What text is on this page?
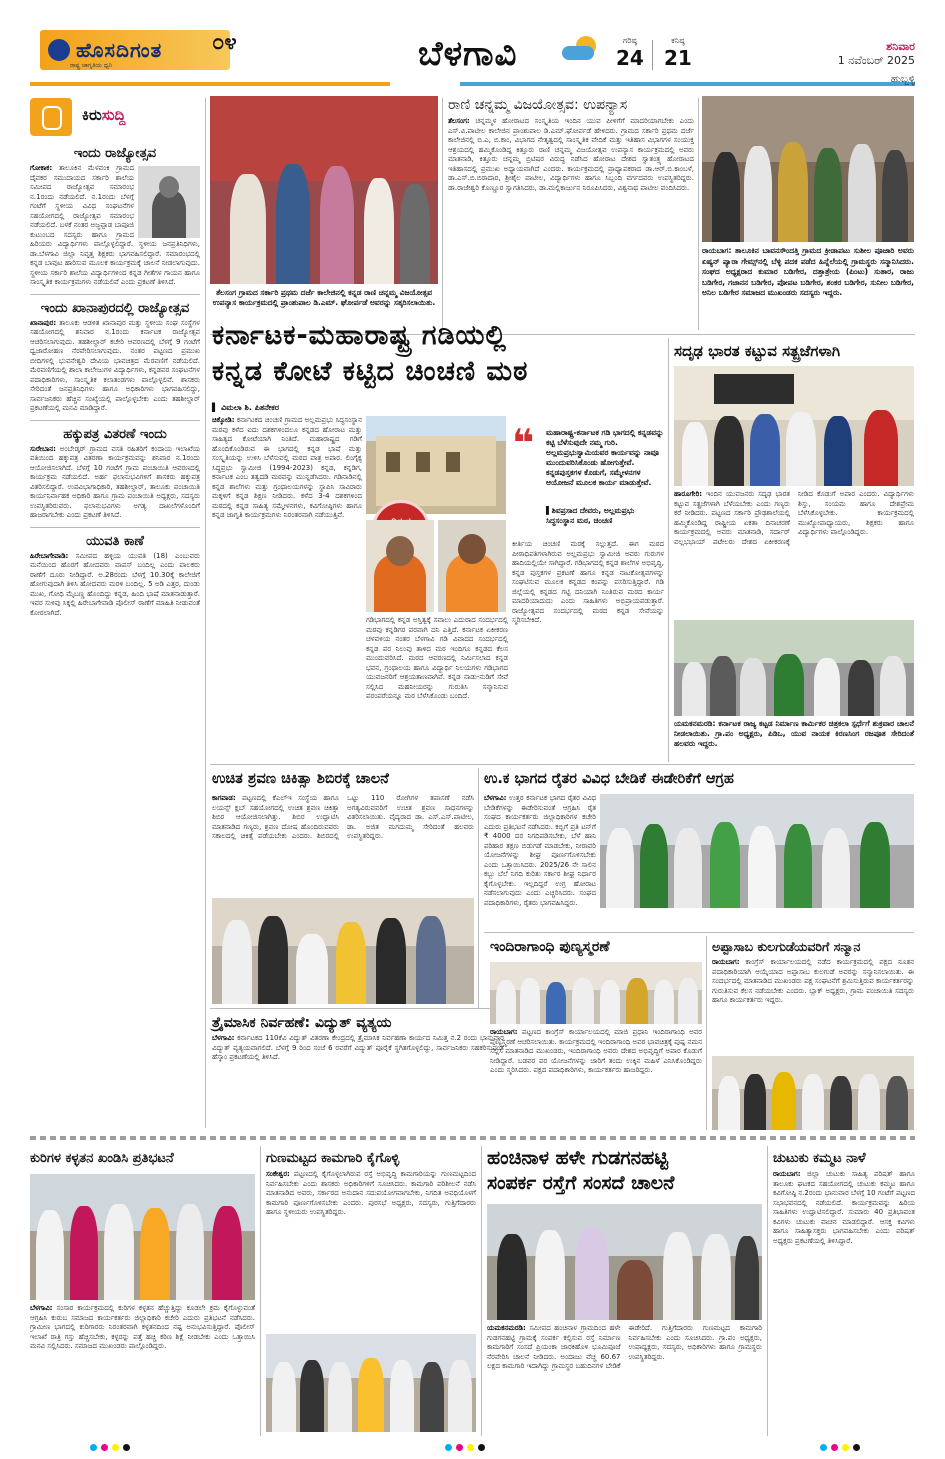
ಹೊಸದಿಗಂತ
ರಾಷ್ಟ್ರ ಜಾಗೃತಿಯ ಧ್ವನಿ
೦೪	ಬೆಳಗಾವಿ	ಗರಿಷ್ಠ
24
ಕನಿಷ್ಠ
21	ಶನಿವಾರ
1 ನವೆಂಬರ್ 2025
ಹುಬ್ಬಳ್ಳಿ
ಕಿರುಸುದ್ದಿ
ಇಂದು ರಾಜ್ಯೋತ್ಸವ

ಗೋಕಾಕ: ತಾಲೂಕಿನ ಮೆಳವಂಕಿ ಗ್ರಾಮದ ದೈವಕರ ಸಮುದಾಯದ ಸರ್ಕಾರಿ ಶಾಲೆಯ ಸಮೀಪದ ರಾಜ್ಯೋತ್ಸವ ಸಮಾರಂಭ ನ.1ರಂದು ನಡೆಯಲಿದೆ. ನ.1ರಂದು ಬೆಳಗ್ಗೆ ಗಂಟೆಗೆ ಸ್ಥಳೀಯ ವಿವಿಧ ಸಂಘಟನೆಗಳ ಸಹಯೋಗದಲ್ಲಿ ರಾಜ್ಯೋತ್ಸವ ಸಮಾರಂಭ ನಡೆಯಲಿದೆ. ಬಳಕೆ ನಂತರ ಅಜ್ಜಪ್ಪಾಡ ಬಾಪೂಜಿ ಕುಟುಂಬದ ಸದಸ್ಯರು ಹಾಗೂ ಗ್ರಾಮದ ಹಿರಿಯರು ವಿದ್ಯಾರ್ಥಿಗಳು ಪಾಲ್ಗೊಳ್ಳಲಿದ್ದಾರೆ. ಸ್ಥಳೀಯ ಜನಪ್ರತಿನಿಧಿಗಳು, ಡಾ.ಬೆಳಗಾವಿ ಜಿಲ್ಲಾ ನಿವೃತ್ತ ಶಿಕ್ಷಕರು ಭಾಗವಹಿಸಲಿದ್ದಾರೆ. ಸಮಾರಂಭದಲ್ಲಿ ಕನ್ನಡ ಬಾವುಟ ಹಾರಿಸುವ ಮೂಲಕ ಕಾರ್ಯಕ್ರಮಕ್ಕೆ ಚಾಲನೆ ನೀಡಲಾಗುವುದು. ಸ್ಥಳೀಯ ಸರ್ಕಾರಿ ಶಾಲೆಯ ವಿದ್ಯಾರ್ಥಿಗಳಿಂದ ಕನ್ನಡ ಗೀತೆಗಳ ಗಾಯನ ಹಾಗೂ ಸಾಂಸ್ಕೃತಿಕ ಕಾರ್ಯಕ್ರಮಗಳು ನಡೆಯಲಿವೆ ಎಂದು ಪ್ರಕಟಣೆ ತಿಳಿಸಿದೆ.

ಇಂದು ಖಾನಾಪುರದಲ್ಲಿ ರಾಜ್ಯೋತ್ಸವ

ಖಾನಾಪುರ: ತಾಲೂಕು ಆಡಳಿತ ಖಾನಾಪುರ ಮತ್ತು ಸ್ಥಳೀಯ ಸಂಘ ಸಂಸ್ಥೆಗಳ ಸಹಯೋಗದಲ್ಲಿ ಶನಿವಾರ ನ.1ರಂದು ಕರ್ನಾಟಕ ರಾಜ್ಯೋತ್ಸವ ಆಚರಿಸಲಾಗುವುದು. ತಹಶೀಲ್ದಾರ್ ಕಚೇರಿ ಆವರಣದಲ್ಲಿ ಬೆಳಗ್ಗೆ 9 ಗಂಟೆಗೆ ಧ್ವಜಾರೋಹಣ ನೆರವೇರಿಸಲಾಗುವುದು. ನಂತರ ಪಟ್ಟಣದ ಪ್ರಮುಖ ಬೀದಿಗಳಲ್ಲಿ ಭುವನೇಶ್ವರಿ ದೇವಿಯ ಭಾವಚಿತ್ರದ ಮೆರವಣಿಗೆ ನಡೆಯಲಿದೆ. ಮೆರವಣಿಗೆಯಲ್ಲಿ ಶಾಲಾ ಕಾಲೇಜುಗಳ ವಿದ್ಯಾರ್ಥಿಗಳು, ಕನ್ನಡಪರ ಸಂಘಟನೆಗಳ ಪದಾಧಿಕಾರಿಗಳು, ಸಾಂಸ್ಕೃತಿಕ ಕಲಾತಂಡಗಳು ಪಾಲ್ಗೊಳ್ಳಲಿವೆ. ಶಾಸಕರು ಸೇರಿದಂತೆ ಜನಪ್ರತಿನಿಧಿಗಳು ಹಾಗೂ ಅಧಿಕಾರಿಗಳು ಭಾಗವಹಿಸಲಿದ್ದು, ಸಾರ್ವಜನಿಕರು ಹೆಚ್ಚಿನ ಸಂಖ್ಯೆಯಲ್ಲಿ ಪಾಲ್ಗೊಳ್ಳಬೇಕು ಎಂದು ತಹಶೀಲ್ದಾರ್ ಪ್ರಕಟಣೆಯಲ್ಲಿ ಮನವಿ ಮಾಡಿದ್ದಾರೆ.

ಹಕ್ಕುಪತ್ರ ವಿತರಣೆ ಇಂದು

ಸುರೇಬಾನ: ಅಂಬೇಡ್ಕರ್ ಗ್ರಾಮದ ವಸತಿ ರಹಿತರಿಗೆ ಕಂದಾಯ ಇಲಾಖೆಯ ವತಿಯಿಂದ ಹಕ್ಕುಪತ್ರ ವಿತರಣಾ ಕಾರ್ಯಕ್ರಮವನ್ನು ಶನಿವಾರ ನ.1ರಂದು ಆಯೋಜಿಸಲಾಗಿದೆ. ಬೆಳಗ್ಗೆ 10 ಗಂಟೆಗೆ ಗ್ರಾಮ ಪಂಚಾಯಿತಿ ಆವರಣದಲ್ಲಿ ಕಾರ್ಯಕ್ರಮ ನಡೆಯಲಿದೆ. ಅರ್ಹ ಫಲಾನುಭವಿಗಳಿಗೆ ಶಾಸಕರು ಹಕ್ಕುಪತ್ರ ವಿತರಿಸಲಿದ್ದಾರೆ. ಉಪವಿಭಾಗಾಧಿಕಾರಿ, ತಹಶೀಲ್ದಾರ್, ತಾಲೂಕು ಪಂಚಾಯಿತಿ ಕಾರ್ಯನಿರ್ವಾಹಕ ಅಧಿಕಾರಿ ಹಾಗೂ ಗ್ರಾಮ ಪಂಚಾಯಿತಿ ಅಧ್ಯಕ್ಷರು, ಸದಸ್ಯರು ಉಪಸ್ಥಿತರಿರುವರು. ಫಲಾನುಭವಿಗಳು ಅಗತ್ಯ ದಾಖಲೆಗಳೊಂದಿಗೆ ಹಾಜರಾಗಬೇಕು ಎಂದು ಪ್ರಕಟಣೆ ತಿಳಿಸಿದೆ.

ಯುವತಿ ಕಾಣೆ

ಹಿರೇಬಾಗೇವಾಡಿ: ಸಮೀಪದ ಹಳ್ಳಿಯ ಯುವತಿ (18) ಎಂಬುವರು ಮನೆಯಿಂದ ಹೊರಗೆ ಹೋದವರು ವಾಪಸ್ ಬಂದಿಲ್ಲ ಎಂದು ಪಾಲಕರು ಠಾಣೆಗೆ ದೂರು ನೀಡಿದ್ದಾರೆ. ಅ.28ರಂದು ಬೆಳಗ್ಗೆ 10.30ಕ್ಕೆ ಕಾಲೇಜಿಗೆ ಹೋಗುವುದಾಗಿ ತಿಳಿಸಿ ಹೋದವರು ಮರಳಿ ಬಂದಿಲ್ಲ. 5 ಅಡಿ ಎತ್ತರ, ದುಂಡು ಮುಖ, ಗೋಧಿ ಮೈಬಣ್ಣ ಹೊಂದಿದ್ದು ಕನ್ನಡ, ಹಿಂದಿ ಭಾಷೆ ಮಾತನಾಡುತ್ತಾರೆ. ಇವರ ಸುಳಿವು ಸಿಕ್ಕಲ್ಲಿ ಹಿರೇಬಾಗೇವಾಡಿ ಪೊಲೀಸ್ ಠಾಣೆಗೆ ಮಾಹಿತಿ ನೀಡುವಂತೆ ಕೋರಲಾಗಿದೆ.

ತೆಲಸಂಗ ಗ್ರಾಮದ ಸರ್ಕಾರಿ ಪ್ರಥಮ ದರ್ಜೆ ಕಾಲೇಜಿನಲ್ಲಿ ಕನ್ನಡ ರಾಣಿ ಚನ್ನಮ್ಮ ವಿಜಯೋತ್ಸವ ಉಪನ್ಯಾಸ ಕಾರ್ಯಕ್ರಮದಲ್ಲಿ ಪ್ರಾಂಶುಪಾಲ ಡಿ.ಎಮ್. ಘೋರ್ಪಡೆ ಅವರನ್ನು ಸತ್ಕರಿಸಲಾಯಿತು.
ರಾಣಿ ಚನ್ನಮ್ಮ ವಿಜಯೋತ್ಸವ: ಉಪನ್ಯಾಸ

ತೆಲಸಂಗ: ಚನ್ನಮ್ಮಳ ಹೋರಾಟದ ಸಂಸ್ಕೃತಿಯ ಇಂದಿನ ಯುವ ಪೀಳಿಗೆಗೆ ಮಾದರಿಯಾಗಬೇಕು ಎಂದು ಎಸ್.ವಿ.ಪಾಟೀಲ ಕಾಲೇಜಿನ ಪ್ರಾಂಶುಪಾಲ ಡಿ.ಎಮ್.ಘೋರ್ಪಡೆ ಹೇಳಿದರು. ಗ್ರಾಮದ ಸರ್ಕಾರಿ ಪ್ರಥಮ ದರ್ಜೆ ಕಾಲೇಜಿನಲ್ಲಿ ಬಿ.ಎ, ಬಿ.ಕಾಂ, ವಿಭಾಗದ ನೇತೃತ್ವದಲ್ಲಿ ಸಾಂಸ್ಕೃತಿಕ ವೇದಿಕೆ ಮತ್ತು ಇತಿಹಾಸ ವಿಭಾಗಗಳ ಸಂಯುಕ್ತ ಆಶ್ರಯದಲ್ಲಿ ಹಮ್ಮಿಕೊಂಡಿದ್ದ ಕಿತ್ತೂರು ರಾಣಿ ಚನ್ನಮ್ಮ ವಿಜಯೋತ್ಸವ ಉಪನ್ಯಾಸ ಕಾರ್ಯಕ್ರಮದಲ್ಲಿ ಅವರು ಮಾತನಾಡಿ, ಕಿತ್ತೂರು ಚನ್ನಮ್ಮ ಬ್ರಿಟಿಷರ ವಿರುದ್ಧ ನಡೆಸಿದ ಹೋರಾಟ ದೇಶದ ಸ್ವಾತಂತ್ರ್ಯ ಹೋರಾಟದ ಇತಿಹಾಸದಲ್ಲಿ ಪ್ರಮುಖ ಅಧ್ಯಾಯವಾಗಿದೆ ಎಂದರು. ಕಾರ್ಯಕ್ರಮದಲ್ಲಿ ಪ್ರಾಧ್ಯಾಪಕರಾದ ಡಾ.ಆರ್.ಬಿ.ಕಾಂಬಳೆ, ಡಾ.ಎಸ್.ಬಿ.ಬಿರಾದಾರ, ಶ್ರೀಶೈಲ ಪಾಟೀಲ, ವಿದ್ಯಾರ್ಥಿಗಳು ಹಾಗೂ ಸಿಬ್ಬಂದಿ ವರ್ಗದವರು ಉಪಸ್ಥಿತರಿದ್ದರು. ಡಾ.ರಾಜೇಶ್ವರಿ ಕೊಣ್ಣೂರ ಸ್ವಾಗತಿಸಿದರು, ಡಾ.ಮಲ್ಲಿಕಾರ್ಜುನ ನಿರೂಪಿಸಿದರು, ವಿಶ್ವನಾಥ ಪಾಟೀಲ ವಂದಿಸಿದರು.

ರಾಯಬಾಗ: ತಾಲೂಕಿನ ಬಾವನಸೌಂದತ್ತಿ ಗ್ರಾಮದ ಕ್ರೀಡಾಪಟು ಸುಶೀಲ ಪೂಜಾರಿ ಅವರು ಏಷ್ಯನ್ ಪ್ಯಾರಾ ಗೇಮ್ಸ್‌ನಲ್ಲಿ ಬೆಳ್ಳಿ ಪದಕ ಪಡೆದ ಹಿನ್ನೆಲೆಯಲ್ಲಿ ಗ್ರಾಮಸ್ಥರು ಸನ್ಮಾನಿಸಿದರು. ಸಂಘದ ಅಧ್ಯಕ್ಷರಾದ ಕುಮಾರ ಬಡಿಗೇರ, ದತ್ತಾತ್ರೇಯ (ಪಿಂಟು) ಸುತಾರ, ರಾಜು ಬಡಿಗೇರ, ಗಜಾನನ ಬಡಿಗೇರ, ಪೋಪಟ ಬಡಿಗೇರ, ಶಂಕರ ಬಡಿಗೇರ, ಸುನೀಲ ಬಡಿಗೇರ, ಅನಿಲ ಬಡಿಗೇರ ಸಮಾಜದ ಮುಖಂಡರು ಸದಸ್ಯರು ಇದ್ದರು.
ಕರ್ನಾಟಕ-ಮಹಾರಾಷ್ಟ್ರ ಗಡಿಯಲ್ಲಿ
ಕನ್ನಡ ಕೋಟೆ ಕಟ್ಟಿದ ಚಿಂಚಣಿ ಮಠ
▌ ವಿಮಲಾ ಶಿ. ಪಿತನೇಕರ

ಚಿಕ್ಕೋಡಿ: ಕರ್ನಾಟಕದ ಚಿಂಚಣಿ ಗ್ರಾಮದ ಅಲ್ಲಮಪ್ರಭು ಸಿದ್ಧಸಂಸ್ಥಾನ ಮಠವು ಕಳೆದ ಐದು ದಶಕಗಳಿಂದಲೂ ಕನ್ನಡದ ಹೋರಾಟ ಮತ್ತು ಸಾಹಿತ್ಯದ ಕೋಟೆಯಾಗಿ ನಿಂತಿದೆ. ಮಹಾರಾಷ್ಟ್ರದ ಗಡಿಗೆ ಹೊಂದಿಕೊಂಡಿರುವ ಈ ಭಾಗದಲ್ಲಿ ಕನ್ನಡ ಭಾಷೆ ಮತ್ತು ಸಂಸ್ಕೃತಿಯನ್ನು ಉಳಿಸಿ ಬೆಳೆಸುವಲ್ಲಿ ಮಠದ ಪಾತ್ರ ಅಪಾರ. ಲಿಂಗೈಕ್ಯ ಸಿದ್ಧಪ್ರಭು ಸ್ವಾಮೀಜಿ (1994-2023) ಕನ್ನಡ, ಕನ್ನಡಿಗ, ಕರ್ನಾಟಕ ಎಂಬ ತತ್ವದಡಿ ಮಠವನ್ನು ಮುನ್ನಡೆಸಿದರು. ಗಡಿನಾಡಿನಲ್ಲಿ ಕನ್ನಡ ಶಾಲೆಗಳು ಮತ್ತು ಗ್ರಂಥಾಲಯಗಳನ್ನು ಸ್ಥಾಪಿಸಿ ಸಾವಿರಾರು ಮಕ್ಕಳಿಗೆ ಕನ್ನಡ ಶಿಕ್ಷಣ ನೀಡಿದರು. ಕಳೆದ 3-4 ದಶಕಗಳಿಂದ ಮಠದಲ್ಲಿ ಕನ್ನಡ ಸಾಹಿತ್ಯ ಸಮ್ಮೇಳನಗಳು, ಕವಿಗೋಷ್ಠಿಗಳು ಹಾಗೂ ಕನ್ನಡ ಜಾಗೃತಿ ಕಾರ್ಯಕ್ರಮಗಳು ನಿರಂತರವಾಗಿ ನಡೆಯುತ್ತಿವೆ.

ಗಡಿಭಾಗದಲ್ಲಿ ಕನ್ನಡ ಅಸ್ತಿತ್ವಕ್ಕೆ ಸವಾಲು ಎದುರಾದ ಸಂದರ್ಭದಲ್ಲಿ ಮಠವು ಕನ್ನಡಿಗರ ಪರವಾಗಿ ದನಿ ಎತ್ತಿದೆ. ಕರ್ನಾಟಕ ಏಕೀಕರಣ ಚಳವಳಿಯ ನಂತರ ಬೆಳಗಾವಿ ಗಡಿ ವಿವಾದದ ಸಂದರ್ಭದಲ್ಲಿ ಕನ್ನಡ ಪರ ನಿಲುವು ತಾಳಿದ ಮಠ ಇಂದಿಗೂ ಕನ್ನಡದ ಕೆಲಸ ಮುಂದುವರಿಸಿದೆ. ಮಠದ ಆವರಣದಲ್ಲಿ ನಿರ್ಮಿಸಲಾದ ಕನ್ನಡ ಭವನ, ಗ್ರಂಥಾಲಯ ಹಾಗೂ ವಿದ್ಯಾರ್ಥಿ ನಿಲಯಗಳು ಗಡಿಭಾಗದ ಯುವಜನರಿಗೆ ಆಶ್ರಯತಾಣವಾಗಿವೆ. ಕನ್ನಡ ನಾಡು-ನುಡಿಗೆ ಸೇವೆ ಸಲ್ಲಿಸಿದ ಮಹನೀಯರನ್ನು ಗುರುತಿಸಿ ಸನ್ಮಾನಿಸುವ ಪರಂಪರೆಯನ್ನೂ ಮಠ ಬೆಳೆಸಿಕೊಂಡು ಬಂದಿದೆ.

❝	ಮಹಾರಾಷ್ಟ್ರ-ಕರ್ನಾಟಕ ಗಡಿ ಭಾಗದಲ್ಲಿ ಕನ್ನಡವನ್ನು ಕಟ್ಟಿ ಬೆಳೆಸುವುದೇ ನಮ್ಮ ಗುರಿ. ಅಲ್ಲಮಪ್ರಭುಸ್ವಾಮಿಯವರ ಕಾರ್ಯವನ್ನು ನಾವೂ ಮುಂದುವರಿಸಿಕೊಂಡು ಹೋಗುತ್ತೇವೆ. ಕನ್ನಡಪುಸ್ತಕಗಳ ಕೊಡುಗೆ, ಸಮ್ಮೇಳನಗಳ ಆಯೋಜನೆ ಮೂಲಕ ಕಾರ್ಯ ಮಾಡುತ್ತೇವೆ.
▌ಶಿವಪ್ರಸಾದ ದೇವರು, ಅಲ್ಲಮಪ್ರಭು ಸಿದ್ಧಸಂಸ್ಥಾನ ಮಠ, ಚಿಂಚಣಿ

ಕೀರ್ತಿಯ ಚಿಂಚಣಿ ಮಠಕ್ಕೆ ಸಲ್ಲುತ್ತದೆ. ಈಗ ಮಠದ ಪೀಠಾಧಿಪತಿಗಳಾಗಿರುವ ಅಲ್ಲಮಪ್ರಭು ಸ್ವಾಮೀಜಿ ಅವರು ಗುರುಗಳ ಹಾದಿಯಲ್ಲಿಯೇ ಸಾಗಿದ್ದಾರೆ. ಗಡಿಭಾಗದಲ್ಲಿ ಕನ್ನಡ ಶಾಲೆಗಳ ಅಭಿವೃದ್ಧಿ, ಕನ್ನಡ ಪುಸ್ತಕಗಳ ಪ್ರಕಟಣೆ ಹಾಗೂ ಕನ್ನಡ ನಾಟಕೋತ್ಸವಗಳನ್ನು ಸಂಘಟಿಸುವ ಮೂಲಕ ಕನ್ನಡದ ಕಂಪನ್ನು ಪಸರಿಸುತ್ತಿದ್ದಾರೆ. ಗಡಿ ಜಿಲ್ಲೆಯಲ್ಲಿ ಕನ್ನಡದ ಗಟ್ಟಿ ದನಿಯಾಗಿ ನಿಂತಿರುವ ಮಠದ ಕಾರ್ಯ ಮಾದರಿಯಾದುದು ಎಂದು ಸಾಹಿತಿಗಳು ಅಭಿಪ್ರಾಯಪಡುತ್ತಾರೆ. ರಾಜ್ಯೋತ್ಸವದ ಸಂದರ್ಭದಲ್ಲಿ ಮಠದ ಕನ್ನಡ ಸೇವೆಯನ್ನು ಸ್ಮರಿಸಬೇಕಿದೆ.

ಸದೃಢ ಭಾರತ ಕಟ್ಟುವ ಸತ್ಪ್ರಜೆಗಳಾಗಿ

ಹಾರೂಗೇರಿ: ಇಂದಿನ ಯುವಜನರು ಸದೃಢ ಭಾರತ ಕಟ್ಟುವ ಸತ್ಪ್ರಜೆಗಳಾಗಿ ಬೆಳೆಯಬೇಕು ಎಂದು ಗಣ್ಯರು ಕರೆ ನೀಡಿದರು. ಪಟ್ಟಣದ ಸರ್ಕಾರಿ ಪ್ರೌಢಶಾಲೆಯಲ್ಲಿ ಹಮ್ಮಿಕೊಂಡಿದ್ದ ರಾಷ್ಟ್ರೀಯ ಏಕತಾ ದಿನಾಚರಣೆ ಕಾರ್ಯಕ್ರಮದಲ್ಲಿ ಅವರು ಮಾತನಾಡಿ, ಸರ್ದಾರ್ ವಲ್ಲಭಭಾಯ್ ಪಟೇಲರು ದೇಶದ ಏಕೀಕರಣಕ್ಕೆ ನೀಡಿದ ಕೊಡುಗೆ ಅಪಾರ ಎಂದರು. ವಿದ್ಯಾರ್ಥಿಗಳು ಶಿಸ್ತು, ಸಂಯಮ ಹಾಗೂ ದೇಶಪ್ರೇಮ ಬೆಳೆಸಿಕೊಳ್ಳಬೇಕು. ಕಾರ್ಯಕ್ರಮದಲ್ಲಿ ಮುಖ್ಯೋಪಾಧ್ಯಾಯರು, ಶಿಕ್ಷಕರು ಹಾಗೂ ವಿದ್ಯಾರ್ಥಿಗಳು ಪಾಲ್ಗೊಂಡಿದ್ದರು.

ಯಮಕನಮರಡಿ: ಕರ್ನಾಟಕ ರಾಜ್ಯ ಕಟ್ಟಡ ನಿರ್ಮಾಣ ಕಾರ್ಮಿಕರ ಚಿತ್ರಕಲಾ ಸ್ಪರ್ಧೆಗೆ ಶುಕ್ರವಾರ ಚಾಲನೆ ನೀಡಲಾಯಿತು. ಗ್ರಾ.ಪಂ ಅಧ್ಯಕ್ಷರು, ಪಿಡಿಒ, ಯುವ ನಾಯಕ ಕಿರಣಸಿಂಗ ರಜಪೂತ ಸೇರಿದಂತೆ ಹಲವರು ಇದ್ದರು.
ಉಚಿತ ಶ್ರವಣ ಚಿಕಿತ್ಸಾ ಶಿಬಿರಕ್ಕೆ ಚಾಲನೆ

ಕಾಗವಾಡ: ಪಟ್ಟಣದಲ್ಲಿ ಕೆಎಲ್‌ಇ ಸಂಸ್ಥೆಯ ಹಾಗೂ ಲಯನ್ಸ್ ಕ್ಲಬ್ ಸಹಯೋಗದಲ್ಲಿ ಉಚಿತ ಶ್ರವಣ ಚಿಕಿತ್ಸಾ ಶಿಬಿರ ಆಯೋಜಿಸಲಾಗಿತ್ತು. ಶಿಬಿರ ಉದ್ಘಾಟಿಸಿ ಮಾತನಾಡಿದ ಗಣ್ಯರು, ಶ್ರವಣ ದೋಷ ಹೊಂದಿರುವವರು ಸಕಾಲದಲ್ಲಿ ಚಿಕಿತ್ಸೆ ಪಡೆಯಬೇಕು ಎಂದರು. ಶಿಬಿರದಲ್ಲಿ ಒಟ್ಟು 110 ರೋಗಿಗಳ ತಪಾಸಣೆ ನಡೆಸಿ ಅಗತ್ಯವಿರುವವರಿಗೆ ಉಚಿತ ಶ್ರವಣ ಸಾಧನಗಳನ್ನು ವಿತರಿಸಲಾಯಿತು. ವೈದ್ಯರಾದ ಡಾ. ಎಸ್.ಎಸ್.ಪಾಟೀಲ, ಡಾ. ಅಜಿತ ಮಗದುಮ್ಮ ಸೇರಿದಂತೆ ಹಲವರು ಉಪಸ್ಥಿತರಿದ್ದರು.

ತ್ರೈಮಾಸಿಕ ನಿರ್ವಹಣೆ: ವಿದ್ಯುತ್ ವ್ಯತ್ಯಯ

ಬೆಳಗಾವಿ: ಕರ್ನಾಟಕದ 110ಕೆವಿ ವಿದ್ಯುತ್ ವಿತರಣಾ ಕೇಂದ್ರದಲ್ಲಿ ತ್ರೈಮಾಸಿಕ ನಿರ್ವಹಣಾ ಕಾರ್ಯದ ನಿಮಿತ್ತ ನ.2 ರಂದು ಭಾನುವಾರ ವಿದ್ಯುತ್ ವ್ಯತ್ಯಯವಾಗಲಿದೆ. ಬೆಳಗ್ಗೆ 9 ರಿಂದ ಸಂಜೆ 6 ರವರೆಗೆ ವಿದ್ಯುತ್ ಪೂರೈಕೆ ಸ್ಥಗಿತಗೊಳ್ಳಲಿದ್ದು, ಸಾರ್ವಜನಿಕರು ಸಹಕರಿಸುವಂತೆ ಹೆಸ್ಕಾಂ ಪ್ರಕಟಣೆಯಲ್ಲಿ ತಿಳಿಸಿದೆ.

ಉ.ಕ ಭಾಗದ ರೈತರ ವಿವಿಧ ಬೇಡಿಕೆ ಈಡೇರಿಕೆಗೆ ಆಗ್ರಹ

ಬೆಳಗಾವಿ: ಉತ್ತರ ಕರ್ನಾಟಕ ಭಾಗದ ರೈತರ ವಿವಿಧ ಬೇಡಿಕೆಗಳನ್ನು ಈಡೇರಿಸುವಂತೆ ಆಗ್ರಹಿಸಿ ರೈತ ಸಂಘದ ಕಾರ್ಯಕರ್ತರು ಜಿಲ್ಲಾಧಿಕಾರಿಗಳ ಕಚೇರಿ ಎದುರು ಪ್ರತಿಭಟನೆ ನಡೆಸಿದರು. ಕಬ್ಬಿಗೆ ಪ್ರತಿ ಟನ್‌ಗೆ ₹ 4000 ದರ ನಿಗದಿಪಡಿಸಬೇಕು, ಬೆಳೆ ಹಾನಿ ಪರಿಹಾರ ತಕ್ಷಣ ಬಿಡುಗಡೆ ಮಾಡಬೇಕು, ನೀರಾವರಿ ಯೋಜನೆಗಳನ್ನು ಶೀಘ್ರ ಪೂರ್ಣಗೊಳಿಸಬೇಕು ಎಂದು ಒತ್ತಾಯಿಸಿದರು. 2025/26 ನೇ ಸಾಲಿನ ಕಬ್ಬು ಬೆಲೆ ನಿಗದಿ ಕುರಿತು ಸರ್ಕಾರ ಶೀಘ್ರ ನಿರ್ಧಾರ ಕೈಗೊಳ್ಳಬೇಕು. ಇಲ್ಲದಿದ್ದರೆ ಉಗ್ರ ಹೋರಾಟ ನಡೆಸಲಾಗುವುದು ಎಂದು ಎಚ್ಚರಿಸಿದರು. ಸಂಘದ ಪದಾಧಿಕಾರಿಗಳು, ರೈತರು ಭಾಗವಹಿಸಿದ್ದರು.

ಇಂದಿರಾಗಾಂಧಿ ಪುಣ್ಯಸ್ಮರಣೆ

ರಾಯಬಾಗ: ಪಟ್ಟಣದ ಕಾಂಗ್ರೆಸ್ ಕಾರ್ಯಾಲಯದಲ್ಲಿ ಮಾಜಿ ಪ್ರಧಾನಿ ಇಂದಿರಾಗಾಂಧಿ ಅವರ ಪುಣ್ಯಸ್ಮರಣೆ ಆಚರಿಸಲಾಯಿತು. ಕಾರ್ಯಕ್ರಮದಲ್ಲಿ ಇಂದಿರಾಗಾಂಧಿ ಅವರ ಭಾವಚಿತ್ರಕ್ಕೆ ಪುಷ್ಪ ನಮನ ಸಲ್ಲಿಸಿ ಮಾತನಾಡಿದ ಮುಖಂಡರು, ಇಂದಿರಾಗಾಂಧಿ ಅವರು ದೇಶದ ಅಭಿವೃದ್ಧಿಗೆ ಅಪಾರ ಕೊಡುಗೆ ನೀಡಿದ್ದಾರೆ. ಬಡವರ ಪರ ಯೋಜನೆಗಳನ್ನು ಜಾರಿಗೆ ತಂದು ಉಕ್ಕಿನ ಮಹಿಳೆ ಎನಿಸಿಕೊಂಡಿದ್ದರು ಎಂದು ಸ್ಮರಿಸಿದರು. ಪಕ್ಷದ ಪದಾಧಿಕಾರಿಗಳು, ಕಾರ್ಯಕರ್ತರು ಹಾಜರಿದ್ದರು.

ಅಪ್ಪಾಸಾಬ ಕುಲಗುಡೆಯವರಿಗೆ ಸನ್ಮಾನ

ರಾಯಬಾಗ: ಕಾಂಗ್ರೆಸ್ ಕಾರ್ಯಾಲಯದಲ್ಲಿ ನಡೆದ ಕಾರ್ಯಕ್ರಮದಲ್ಲಿ ಪಕ್ಷದ ನೂತನ ಪದಾಧಿಕಾರಿಯಾಗಿ ಆಯ್ಕೆಯಾದ ಅಪ್ಪಾಸಾಬ ಕುಲಗುಡೆ ಅವರನ್ನು ಸನ್ಮಾನಿಸಲಾಯಿತು. ಈ ಸಂದರ್ಭದಲ್ಲಿ ಮಾತನಾಡಿದ ಮುಖಂಡರು ಪಕ್ಷ ಸಂಘಟನೆಗೆ ಶ್ರಮಿಸುತ್ತಿರುವ ಕಾರ್ಯಕರ್ತರನ್ನು ಗುರುತಿಸುವ ಕೆಲಸ ನಡೆಯಬೇಕು ಎಂದರು. ಬ್ಲಾಕ್ ಅಧ್ಯಕ್ಷರು, ಗ್ರಾಮ ಪಂಚಾಯಿತಿ ಸದಸ್ಯರು ಹಾಗೂ ಕಾರ್ಯಕರ್ತರು ಇದ್ದರು.

ಕುರಿಗಳ ಕಳ್ಳತನ ಖಂಡಿಸಿ ಪ್ರತಿಭಟನೆ

ಬೆಳಗಾವಿ: ಸಂಸಾರ ಕಾರ್ಯಕ್ರಮದಲ್ಲಿ ಕುರಿಗಳ ಕಳ್ಳತನ ಹೆಚ್ಚುತ್ತಿದ್ದು ಕೂಡಲೇ ಕ್ರಮ ಕೈಗೊಳ್ಳುವಂತೆ ಆಗ್ರಹಿಸಿ ಕುರುಬ ಸಮಾಜದ ಕಾರ್ಯಕರ್ತರು ಜಿಲ್ಲಾಧಿಕಾರಿ ಕಚೇರಿ ಎದುರು ಪ್ರತಿಭಟನೆ ನಡೆಸಿದರು. ಗ್ರಾಮೀಣ ಭಾಗದಲ್ಲಿ ಕುರಿಗಾರರು ನಿರಂತರವಾಗಿ ಕಳ್ಳತನದಿಂದ ನಷ್ಟ ಅನುಭವಿಸುತ್ತಿದ್ದಾರೆ. ಪೊಲೀಸ್ ಇಲಾಖೆ ರಾತ್ರಿ ಗಸ್ತು ಹೆಚ್ಚಿಸಬೇಕು, ಕಳ್ಳರನ್ನು ಪತ್ತೆ ಹಚ್ಚಿ ಕಠಿಣ ಶಿಕ್ಷೆ ನೀಡಬೇಕು ಎಂದು ಒತ್ತಾಯಿಸಿ ಮನವಿ ಸಲ್ಲಿಸಿದರು. ಸಮಾಜದ ಮುಖಂಡರು ಪಾಲ್ಗೊಂಡಿದ್ದರು.

ಗುಣಮಟ್ಟದ ಕಾಮಗಾರಿ ಕೈಗೊಳ್ಳಿ

ಸಂಕೇಶ್ವರ: ಪಟ್ಟಣದಲ್ಲಿ ಕೈಗೊಳ್ಳಲಾಗಿರುವ ರಸ್ತೆ ಅಭಿವೃದ್ಧಿ ಕಾಮಗಾರಿಯನ್ನು ಗುಣಮಟ್ಟದಿಂದ ನಿರ್ವಹಿಸಬೇಕು ಎಂದು ಶಾಸಕರು ಅಧಿಕಾರಿಗಳಿಗೆ ಸೂಚಿಸಿದರು. ಕಾಮಗಾರಿ ಪರಿಶೀಲನೆ ನಡೆಸಿ ಮಾತನಾಡಿದ ಅವರು, ಸರ್ಕಾರದ ಅನುದಾನ ಸದುಪಯೋಗವಾಗಬೇಕು, ನಿಗದಿತ ಅವಧಿಯೊಳಗೆ ಕಾಮಗಾರಿ ಪೂರ್ಣಗೊಳಿಸಬೇಕು ಎಂದರು. ಪುರಸಭೆ ಅಧ್ಯಕ್ಷರು, ಸದಸ್ಯರು, ಗುತ್ತಿಗೆದಾರರು ಹಾಗೂ ಸ್ಥಳೀಯರು ಉಪಸ್ಥಿತರಿದ್ದರು.

ಹಂಚಿನಾಳ ಹಳೇ ಗುಡಗನಹಟ್ಟಿ
ಸಂಪರ್ಕ ರಸ್ತೆಗೆ ಸಂಸದೆ ಚಾಲನೆ

ಯಮಕನಮರಡಿ: ಸಮೀಪದ ಹಂಚಿನಾಳ ಗ್ರಾಮದಿಂದ ಹಳೇ ಗುಡಗನಹಟ್ಟಿ ಗ್ರಾಮಕ್ಕೆ ಸಂಪರ್ಕ ಕಲ್ಪಿಸುವ ರಸ್ತೆ ನಿರ್ಮಾಣ ಕಾಮಗಾರಿಗೆ ಸಂಸದೆ ಪ್ರಿಯಂಕಾ ಜಾರಕಿಹೊಳಿ ಭೂಮಿಪೂಜೆ ನೆರವೇರಿಸಿ ಚಾಲನೆ ನೀಡಿದರು. ಅಂದಾಜು ವೆಚ್ಚ 60.67 ಲಕ್ಷದ ಕಾಮಗಾರಿ ಇದಾಗಿದ್ದು ಗ್ರಾಮಸ್ಥರ ಬಹುದಿನಗಳ ಬೇಡಿಕೆ ಈಡೇರಿದೆ. ಗುತ್ತಿಗೆದಾರರು ಗುಣಮಟ್ಟದ ಕಾಮಗಾರಿ ನಿರ್ವಹಿಸಬೇಕು ಎಂದು ಸೂಚಿಸಿದರು. ಗ್ರಾ.ಪಂ ಅಧ್ಯಕ್ಷರು, ಉಪಾಧ್ಯಕ್ಷರು, ಸದಸ್ಯರು, ಅಧಿಕಾರಿಗಳು ಹಾಗೂ ಗ್ರಾಮಸ್ಥರು ಉಪಸ್ಥಿತರಿದ್ದರು.

ಚುಟುಕು ಕಮ್ಮಟ ನಾಳೆ

ರಾಯಬಾಗ: ಜಿಲ್ಲಾ ಚುಟುಕು ಸಾಹಿತ್ಯ ಪರಿಷತ್ ಹಾಗೂ ತಾಲೂಕು ಘಟಕದ ಸಹಯೋಗದಲ್ಲಿ ಚುಟುಕು ಕಮ್ಮಟ ಹಾಗೂ ಕವಿಗೋಷ್ಠಿ ನ.2ರಂದು ಭಾನುವಾರ ಬೆಳಗ್ಗೆ 10 ಗಂಟೆಗೆ ಪಟ್ಟಣದ ಸಭಾಭವನದಲ್ಲಿ ನಡೆಯಲಿದೆ. ಕಾರ್ಯಕ್ರಮವನ್ನು ಹಿರಿಯ ಸಾಹಿತಿಗಳು ಉದ್ಘಾಟಿಸಲಿದ್ದಾರೆ. ಸುಮಾರು 40 ಪ್ರತಿಭಾವಂತ ಕವಿಗಳು ಚುಟುಕು ವಾಚನ ಮಾಡಲಿದ್ದಾರೆ. ಆಸಕ್ತ ಕವಿಗಳು ಹಾಗೂ ಸಾಹಿತ್ಯಾಸಕ್ತರು ಭಾಗವಹಿಸಬೇಕು ಎಂದು ಪರಿಷತ್ ಅಧ್ಯಕ್ಷರು ಪ್ರಕಟಣೆಯಲ್ಲಿ ತಿಳಿಸಿದ್ದಾರೆ.
